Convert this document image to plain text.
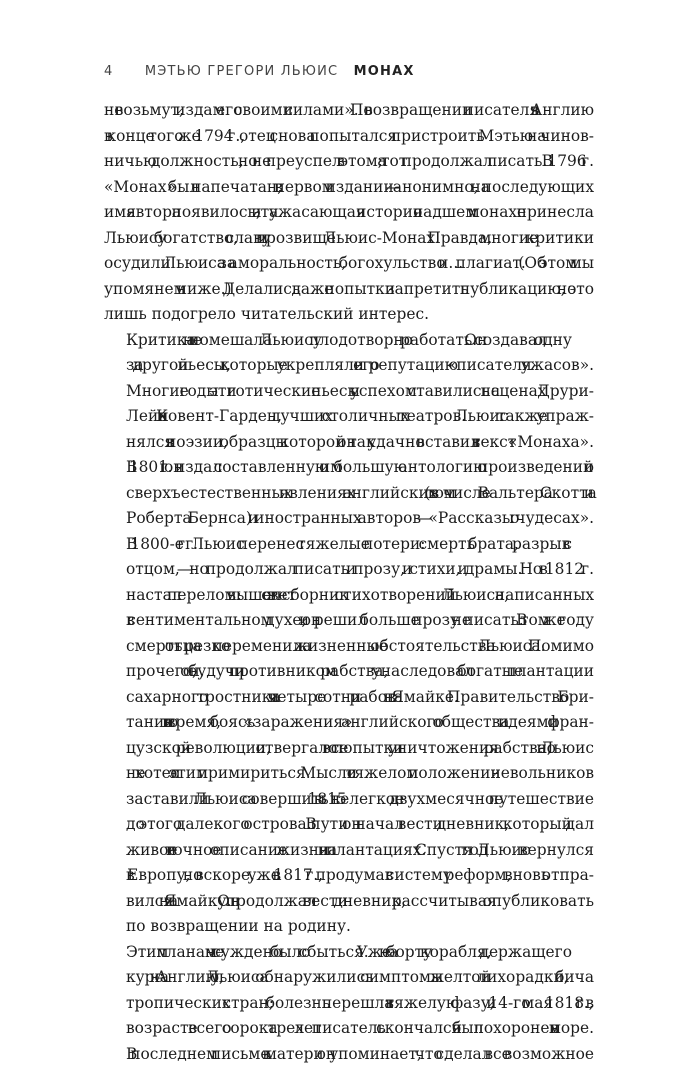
4 МЭТЬЮ ГРЕГОРИ ЛЬЮИС МОНАХ

не возьмут, издам его своими силами». По возвращении писателя в Англию
в конце того же 1794 г., отец снова попытался пристроить Мэтью на чинов-
ничью должность, но не преуспел в этом; а тот продолжал писать. В 1796 г.
«Монах» был напечатан, в первом издании — анонимно, на последующих
имя автора появилось, и эта ужасающая история о падшем монахе принесла
Льюису богатство, славу и прозвище Льюис-Монах. Правда, многие критики
осудили Льюиса за аморальность, богохульство и... плагиат. (Об этом мы
упомянем ниже.) Делались даже попытки запретить публикацию, но это
лишь подогрело читательский интерес.

Критика не помешала Льюису плодотворно работать. Он создавал одну
за другой пьесы, которые укрепляли его репутацию «писателя ужасов».
Многие годы эти готические пьесы с успехом ставились на сценах Друри-
Лейн и Ковент-Гарден, лучших столичных театров. Льюис также упраж-
нялся в поэзии, образцы которой он так удачно вставил в текст «Монаха».
В 1801 г. он издал составленную им большую антологию произведений о
сверхъестественных явлениях английских (в том числе Вальтера Скотта и
Роберта Бернса) и иностранных авторов — «Рассказы о чудесах».

В 1800-е гг. Льюис перенес тяжелые потери: смерть брата, разрыв с
отцом, — но продолжал писать и прозу, и стихи, и драмы. Но в 1812 г.
настал перелом: вышел в свет сборник стихотворений Льюиса, написанных
в сентиментальном духе, и он решил больше прозу не писать. В том же году
смерть отца резко переменила жизненные обстоятельства Льюиса. Помимо
прочего, он, будучи противником рабства, унаследовал богатые плантации
сахарного тростника и четыре сотни рабов на Ямайке. Правительство Бри-
тании в то время, боясь «заражения» английского общества идеями фран-
цузской революции, отвергало все попытки уничтожения рабства, но Льюис
не хотел с этим примириться. Мысли о тяжелом положении невольников
заставили Льюиса совершить в 1815 г. нелегкое двухмесячное путешествие
до этого далекого острова. В пути он начал вести дневник, который дал
живое и точное описание жизни на плантациях. Спустя год Льюис вернулся
в Европу, но вскоре, уже в 1817 г., продумав систему реформ, вновь отпра-
вился на Ямайку. Он продолжал вести дневник, рассчитывая опубликовать
по возвращении на родину.

Этим планам не суждено было сбыться. Уже на борту корабля, держащего
курс на Англию, у Льюиса обнаружились симптомы желтой лихорадки, бича
тропических стран; болезнь перешла в тяжелую фазу, и 14-го мая 1818 г., в
возрасте всего сорока трех лет писатель скончался и был похоронен в море.
В последнем письме к матери он упоминает, что сделал все возможное
